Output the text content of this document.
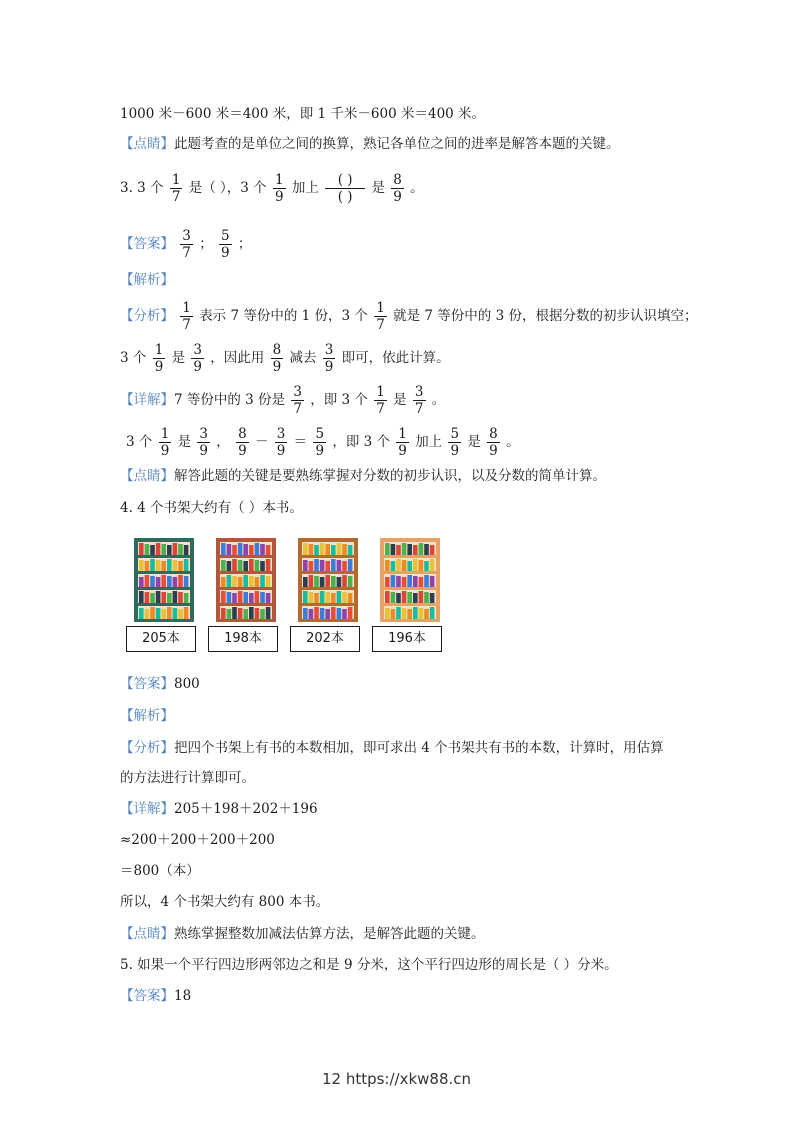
1000 米－600 米＝400 米，即 1 千米－600 米＝400 米。
【点睛】此题考查的是单位之间的换算，熟记各单位之间的进率是解答本题的关键。
3. 3 个 $\frac{1}{7}$ 是（ ），3 个 $\frac{1}{9}$ 加上 $\frac{( )}{( )}$ 是 $\frac{8}{9}$ 。
【答案】 $\frac{3}{7}$ ； $\frac{5}{9}$ ；
【解析】
【分析】 $\frac{1}{7}$ 表示 7 等份中的 1 份，3 个 $\frac{1}{7}$ 就是 7 等份中的 3 份，根据分数的初步认识填空；
3 个 $\frac{1}{9}$ 是 $\frac{3}{9}$ ，因此用 $\frac{8}{9}$ 减去 $\frac{3}{9}$ 即可，依此计算。
【详解】7 等份中的 3 份是 $\frac{3}{7}$ ，即 3 个 $\frac{1}{7}$ 是 $\frac{3}{7}$ 。
3 个 $\frac{1}{9}$ 是 $\frac{3}{9}$ ， $\frac{8}{9} - \frac{3}{9} = \frac{5}{9}$ ，即 3 个 $\frac{1}{9}$ 加上 $\frac{5}{9}$ 是 $\frac{8}{9}$ 。
【点睛】解答此题的关键是要熟练掌握对分数的初步认识，以及分数的简单计算。
4. 4 个书架大约有（ ）本书。
205本	198本	202本	196本
【答案】800
【解析】
【分析】把四个书架上有书的本数相加，即可求出 4 个书架共有书的本数，计算时，用估算
的方法进行计算即可。
【详解】205＋198＋202＋196
≈200＋200＋200＋200
＝800（本）
所以，4 个书架大约有 800 本书。
【点睛】熟练掌握整数加减法估算方法，是解答此题的关键。
5. 如果一个平行四边形两邻边之和是 9 分米，这个平行四边形的周长是（ ）分米。
【答案】18
12 https://xkw88.cn
